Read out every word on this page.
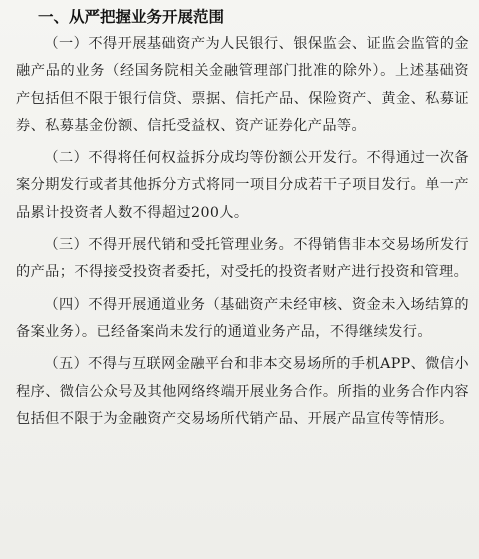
一、从严把握业务开展范围

（一）不得开展基础资产为人民银行、银保监会、证监会监管的金融产品的业务（经国务院相关金融管理部门批准的除外）。上述基础资产包括但不限于银行信贷、票据、信托产品、保险资产、黄金、私募证券、私募基金份额、信托受益权、资产证券化产品等。

（二）不得将任何权益拆分成均等份额公开发行。不得通过一次备案分期发行或者其他拆分方式将同一项目分成若干子项目发行。单一产品累计投资者人数不得超过200人。

（三）不得开展代销和受托管理业务。不得销售非本交易场所发行的产品；不得接受投资者委托，对受托的投资者财产进行投资和管理。

（四）不得开展通道业务（基础资产未经审核、资金未入场结算的备案业务）。已经备案尚未发行的通道业务产品，不得继续发行。

（五）不得与互联网金融平台和非本交易场所的手机APP、微信小程序、微信公众号及其他网络终端开展业务合作。所指的业务合作内容包括但不限于为金融资产交易场所代销产品、开展产品宣传等情形。
